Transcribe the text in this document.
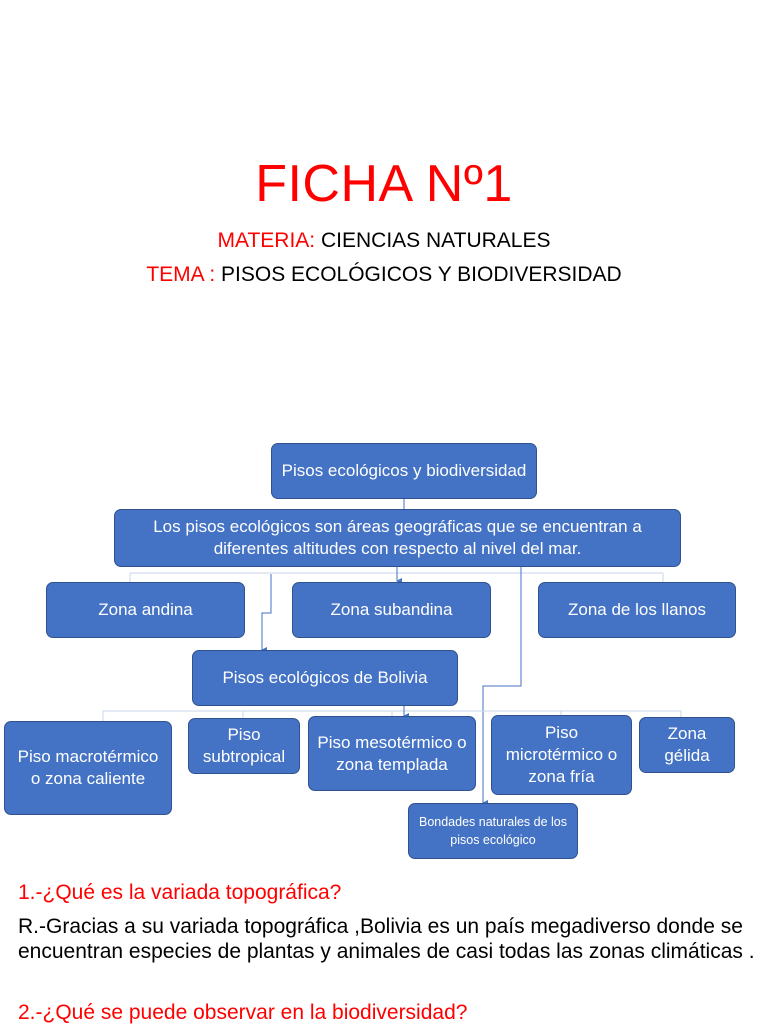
FICHA Nº1
MATERIA: CIENCIAS NATURALES
TEMA : PISOS ECOLÓGICOS Y BIODIVERSIDAD
Pisos ecológicos y biodiversidad
Los pisos ecológicos son áreas geográficas que se encuentran a diferentes altitudes con respecto al nivel del mar.
Zona andina	Zona subandina	Zona de los llanos
Pisos ecológicos de Bolivia
Piso macrotérmico o zona caliente
Piso subtropical
Piso mesotérmico o zona templada
Piso microtérmico o zona fría
Zona gélida
Bondades naturales de los pisos ecológico
1.-¿Qué es la variada topográfica?
R.-Gracias a su variada topográfica ,Bolivia es un país megadiverso donde se encuentran especies de plantas y animales de casi todas las zonas climáticas .
2.-¿Qué se puede observar en la biodiversidad?
